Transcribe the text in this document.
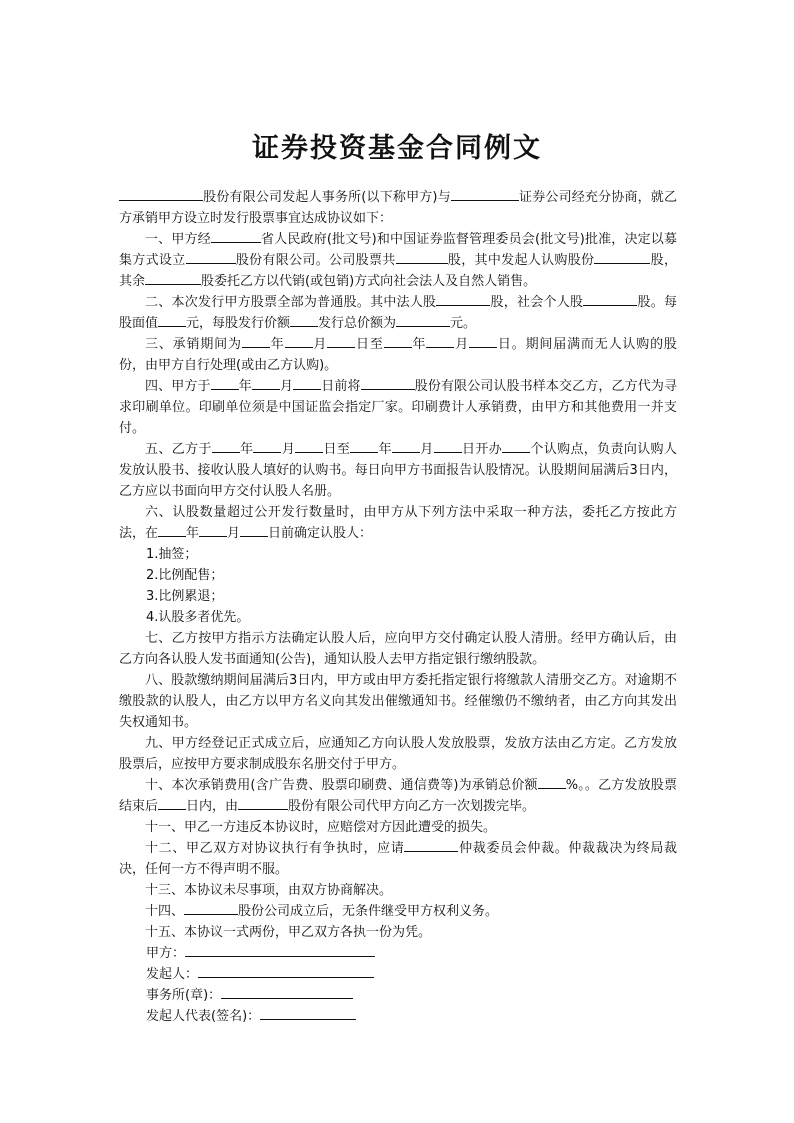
证券投资基金合同例文

股份有限公司发起人事务所(以下称甲方)与	证券公司经充分协商，就乙方承销甲方设立时发行股票事宜达成协议如下：

一、甲方经	省人民政府(批文号)和中国证券监督管理委员会(批文号)批准，决定以募集方式设立	股份有限公司。公司股票共	股，其中发起人认购股份	股，其余	股委托乙方以代销(或包销)方式向社会法人及自然人销售。

二、本次发行甲方股票全部为普通股。其中法人股	股，社会个人股	股。每股面值 元，每股发行价额 发行总价额为	元。

三、承销期间为 年 月 日至 年 月 日。期间届满而无人认购的股份，由甲方自行处理(或由乙方认购)。

四、甲方于 年 月 日前将	股份有限公司认股书样本交乙方，乙方代为寻求印刷单位。印刷单位须是中国证监会指定厂家。印刷费计人承销费，由甲方和其他费用一并支付。

五、乙方于 年 月 日至 年 月 日开办 个认购点，负责向认购人发放认股书、接收认股人填好的认购书。每日向甲方书面报告认股情况。认股期间届满后3日内，乙方应以书面向甲方交付认股人名册。

六、认股数量超过公开发行数量时，由甲方从下列方法中采取一种方法，委托乙方按此方法，在 年 月 日前确定认股人：

1.抽签；

2.比例配售；

3.比例累退；

4.认股多者优先。

七、乙方按甲方指示方法确定认股人后，应向甲方交付确定认股人清册。经甲方确认后，由乙方向各认股人发书面通知(公告)，通知认股人去甲方指定银行缴纳股款。

八、股款缴纳期间届满后3日内，甲方或由甲方委托指定银行将缴款人清册交乙方。对逾期不缴股款的认股人，由乙方以甲方名义向其发出催缴通知书。经催缴仍不缴纳者，由乙方向其发出失权通知书。

九、甲方经登记正式成立后，应通知乙方向认股人发放股票，发放方法由乙方定。乙方发放股票后，应按甲方要求制成股东名册交付于甲方。

十、本次承销费用(含广告费、股票印刷费、通信费等)为承销总价额 %。。乙方发放股票结束后 日内，由	股份有限公司代甲方向乙方一次划拨完毕。

十一、甲乙一方违反本协议时，应赔偿对方因此遭受的损失。

十二、甲乙双方对协议执行有争执时，应请	仲裁委员会仲裁。仲裁裁决为终局裁决，任何一方不得声明不服。

十三、本协议未尽事项，由双方协商解决。

十四、	股份公司成立后，无条件继受甲方权利义务。

十五、本协议一式两份，甲乙双方各执一份为凭。

甲方：

发起人：

事务所(章)：

发起人代表(签名)：
